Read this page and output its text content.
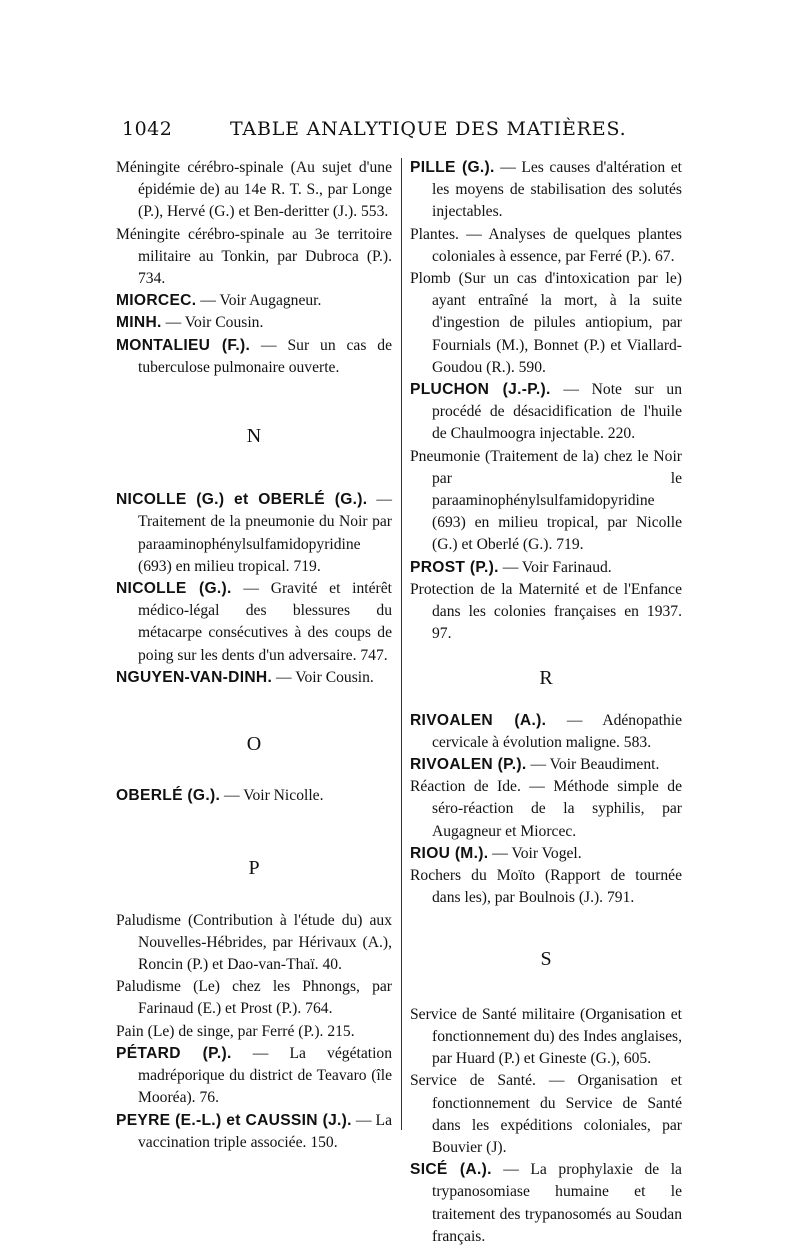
1042	TABLE ANALYTIQUE DES MATIÈRES.

Méningite cérébro-spinale (Au sujet d'une épidémie de) au 14e R. T. S., par Longe (P.), Hervé (G.) et Ben-deritter (J.). 553.

Méningite cérébro-spinale au 3e territoire militaire au Tonkin, par Dubroca (P.). 734.

MIORCEC. — Voir Augagneur.

MINH. — Voir Cousin.

MONTALIEU (F.). — Sur un cas de tuberculose pulmonaire ouverte.

N

NICOLLE (G.) et OBERLÉ (G.). — Traitement de la pneumonie du Noir par paraaminophénylsulfamidopyridine (693) en milieu tropical. 719.

NICOLLE (G.). — Gravité et intérêt médico-légal des blessures du métacarpe consécutives à des coups de poing sur les dents d'un adversaire. 747.

NGUYEN-VAN-DINH. — Voir Cousin.

O

OBERLÉ (G.). — Voir Nicolle.

P

Paludisme (Contribution à l'étude du) aux Nouvelles-Hébrides, par Hérivaux (A.), Roncin (P.) et Dao-van-Thaï. 40.

Paludisme (Le) chez les Phnongs, par Farinaud (E.) et Prost (P.). 764.

Pain (Le) de singe, par Ferré (P.). 215.

PÉTARD (P.). — La végétation madréporique du district de Teavaro (île Mooréa). 76.

PEYRE (E.-L.) et CAUSSIN (J.). — La vaccination triple associée. 150.

PILLE (G.). — Les causes d'altération et les moyens de stabilisation des solutés injectables.

Plantes. — Analyses de quelques plantes coloniales à essence, par Ferré (P.). 67.

Plomb (Sur un cas d'intoxication par le) ayant entraîné la mort, à la suite d'ingestion de pilules antiopium, par Fournials (M.), Bonnet (P.) et Viallard-Goudou (R.). 590.

PLUCHON (J.-P.). — Note sur un procédé de désacidification de l'huile de Chaulmoogra injectable. 220.

Pneumonie (Traitement de la) chez le Noir par le paraaminophénylsulfamidopyridine (693) en milieu tropical, par Nicolle (G.) et Oberlé (G.). 719.

PROST (P.). — Voir Farinaud.

Protection de la Maternité et de l'Enfance dans les colonies françaises en 1937. 97.

R

RIVOALEN (A.). — Adénopathie cervicale à évolution maligne. 583.

RIVOALEN (P.). — Voir Beaudiment.

Réaction de Ide. — Méthode simple de séro-réaction de la syphilis, par Augagneur et Miorcec.

RIOU (M.). — Voir Vogel.

Rochers du Moïto (Rapport de tournée dans les), par Boulnois (J.). 791.

S

Service de Santé militaire (Organisation et fonctionnement du) des Indes anglaises, par Huard (P.) et Gineste (G.), 605.

Service de Santé. — Organisation et fonctionnement du Service de Santé dans les expéditions coloniales, par Bouvier (J).

SICÉ (A.). — La prophylaxie de la trypanosomiase humaine et le traitement des trypanosomés au Soudan français.
